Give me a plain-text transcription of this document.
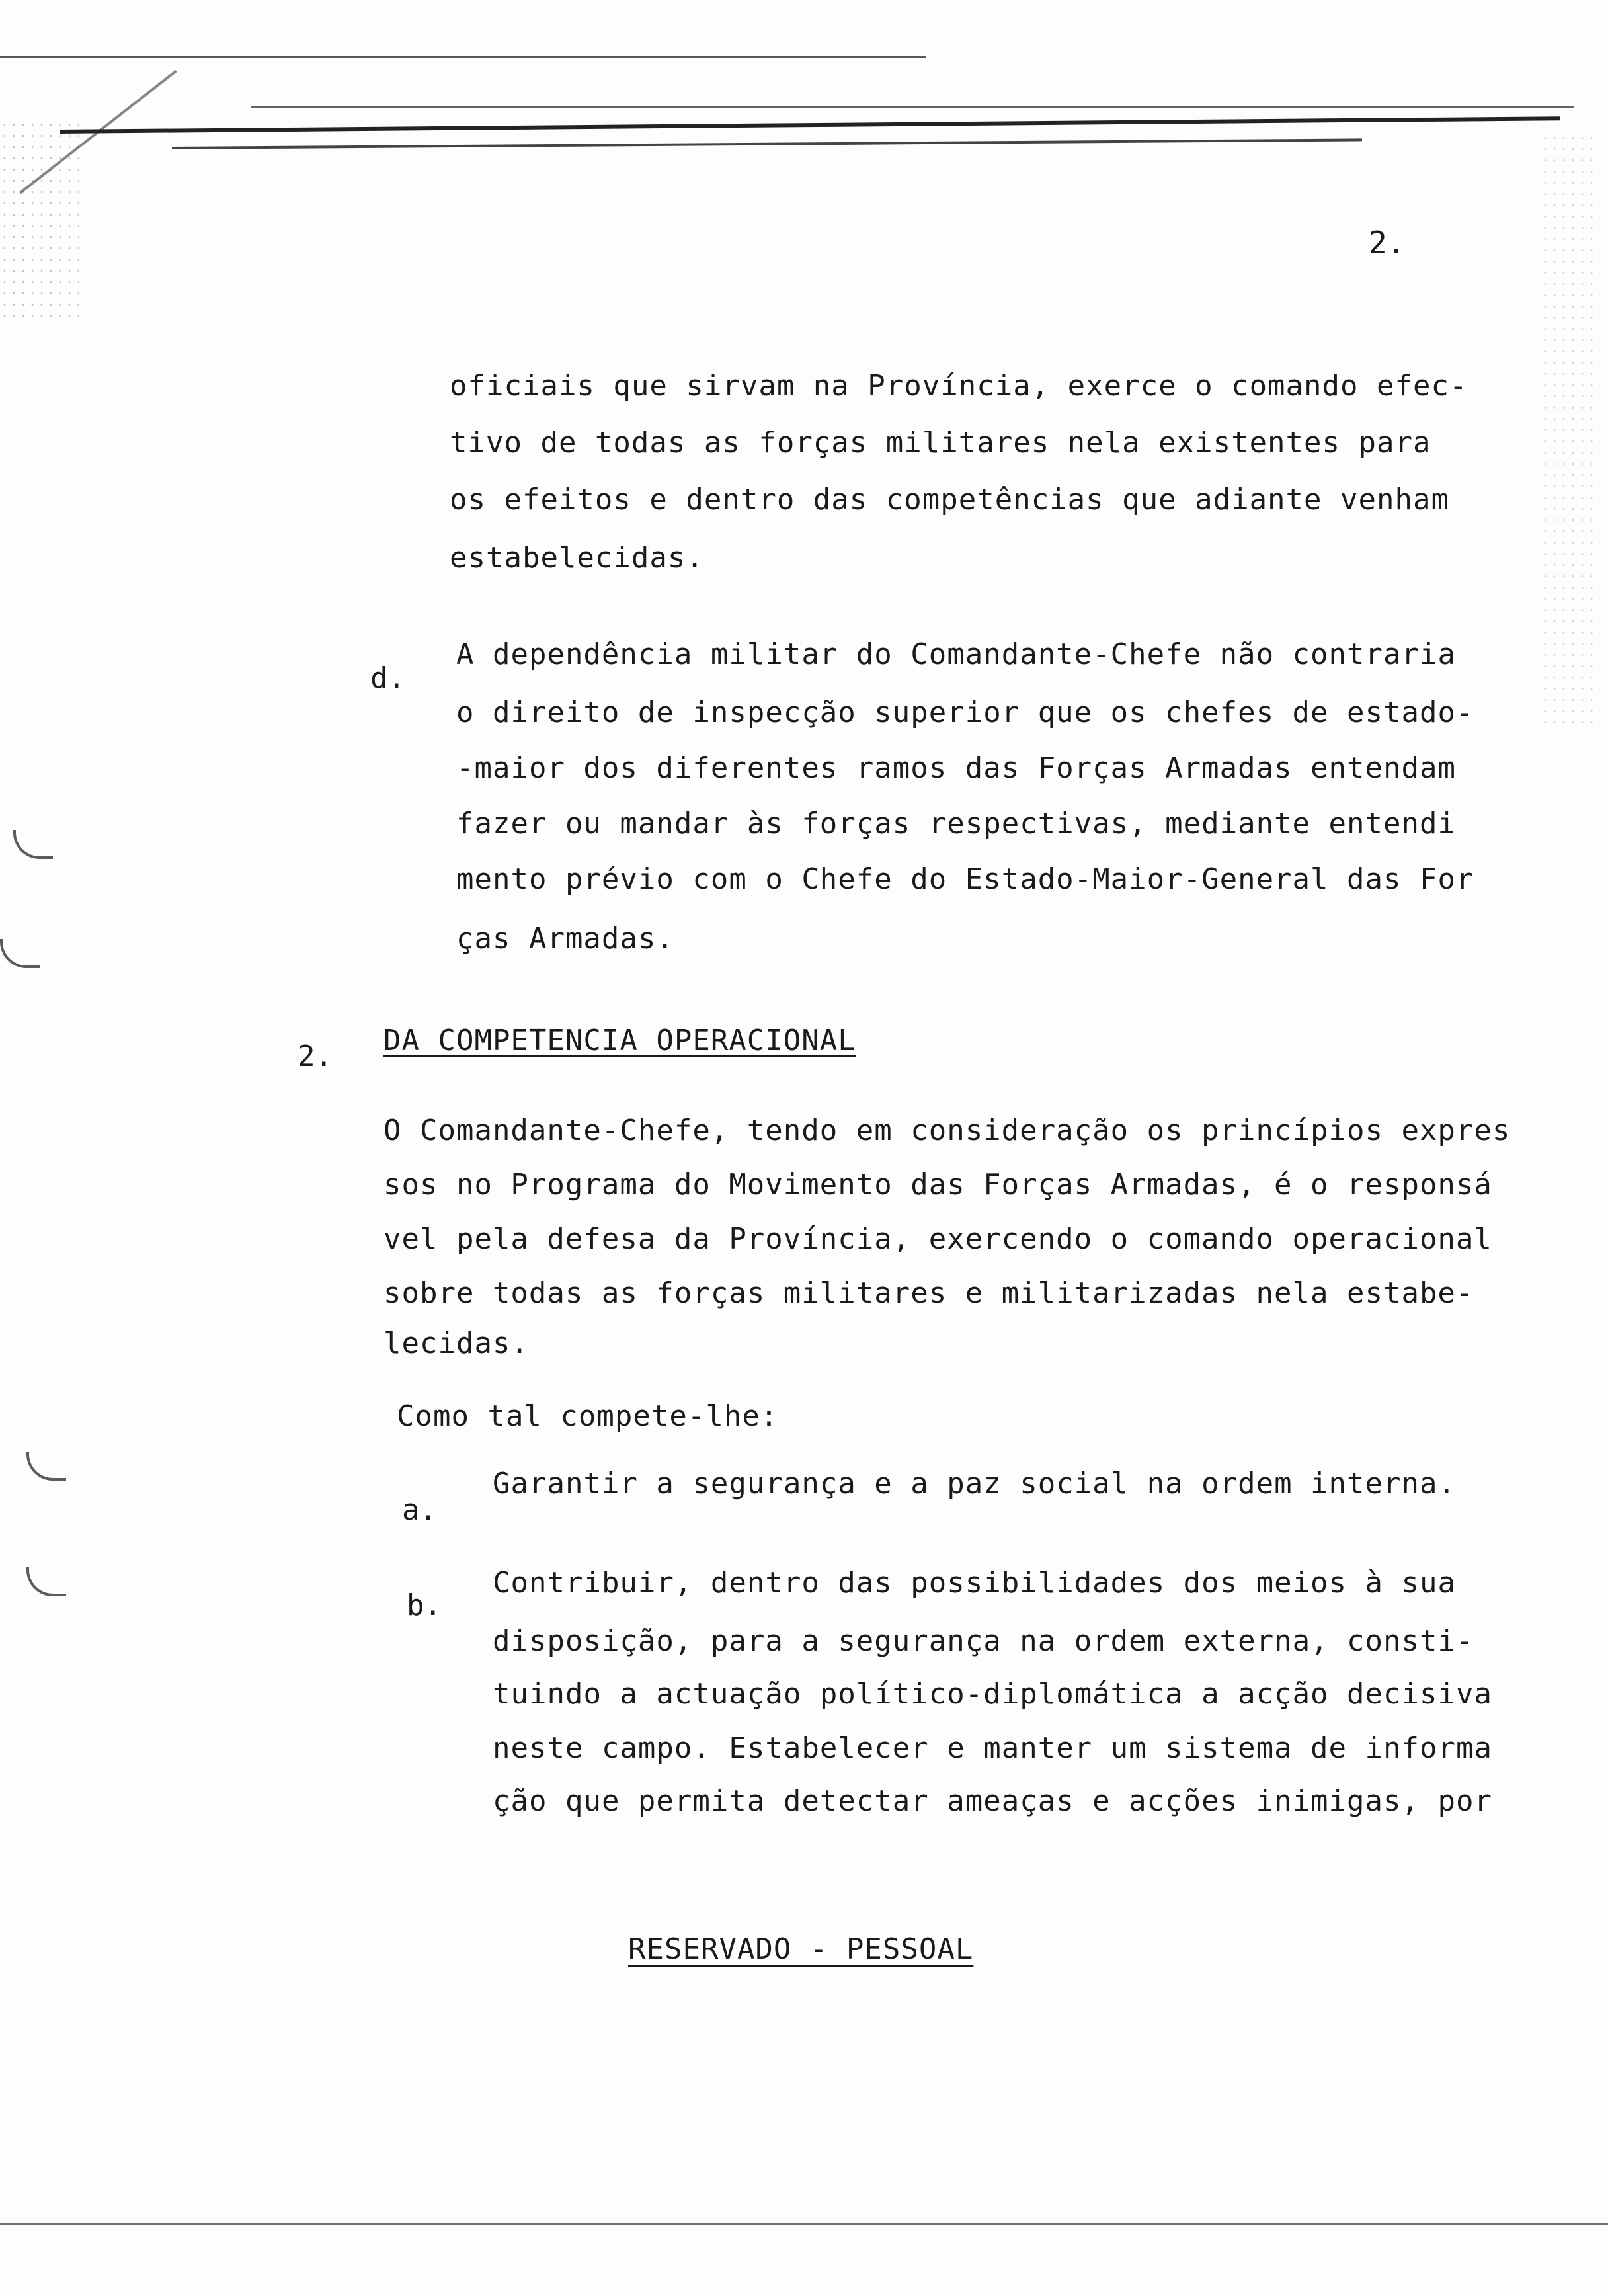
2.
oficiais que sirvam na Província, exerce o comando efec-
tivo de todas as forças militares nela existentes para
os efeitos e dentro das competências que adiante venham
estabelecidas.
d.
A dependência militar do Comandante-Chefe não contraria
o direito de inspecção superior que os chefes de estado-
-maior dos diferentes ramos das Forças Armadas entendam
fazer ou mandar às forças respectivas, mediante entendi
mento prévio com o Chefe do Estado-Maior-General das For
ças Armadas.
2. DA COMPETENCIA OPERACIONAL
O Comandante-Chefe, tendo em consideração os princípios expres
sos no Programa do Movimento das Forças Armadas, é o responsá
vel pela defesa da Província, exercendo o comando operacional
sobre todas as forças militares e militarizadas nela estabe-
lecidas.
Como tal compete-lhe:
a.
Garantir a segurança e a paz social na ordem interna.
b.
Contribuir, dentro das possibilidades dos meios à sua
disposição, para a segurança na ordem externa, consti-
tuindo a actuação político-diplomática a acção decisiva
neste campo. Estabelecer e manter um sistema de informa
ção que permita detectar ameaças e acções inimigas, por
RESERVADO - PESSOAL
